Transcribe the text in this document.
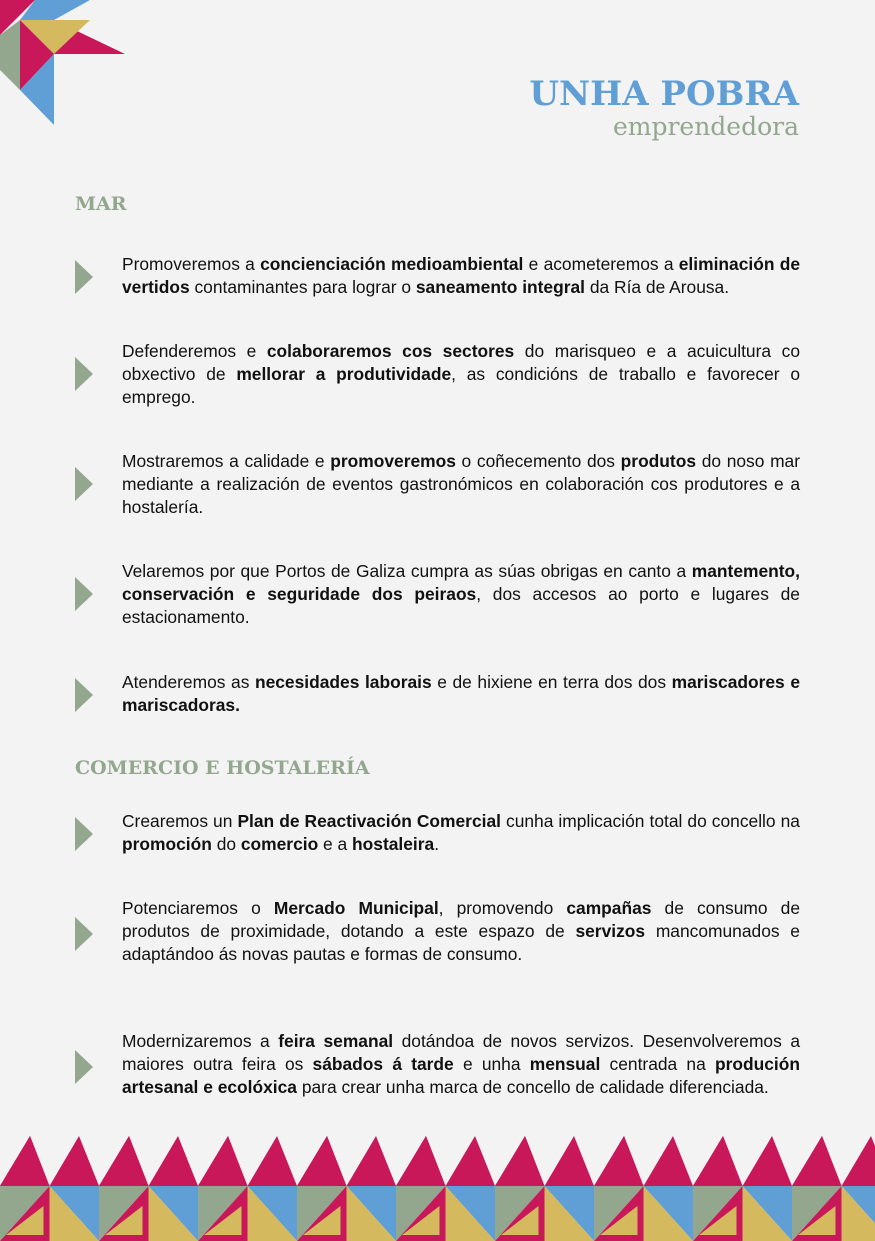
UNHA POBRA
emprendedora
MAR
Promoveremos a concienciación medioambiental e acometeremos a eliminación de vertidos contaminantes para lograr o saneamento integral da Ría de Arousa.
Defenderemos e colaboraremos cos sectores do marisqueo e a acuicultura co obxectivo de mellorar a produtividade, as condicións de traballo e favorecer o emprego.
Mostraremos a calidade e promoveremos o coñecemento dos produtos do noso mar mediante a realización de eventos gastronómicos en colaboración cos produtores e a hostalería.
Velaremos por que Portos de Galiza cumpra as súas obrigas en canto a mantemento, conservación e seguridade dos peiraos, dos accesos ao porto e lugares de estacionamento.
Atenderemos as necesidades laborais e de hixiene en terra dos dos mariscadores e mariscadoras.
COMERCIO E HOSTALERÍA
Crearemos un Plan de Reactivación Comercial cunha implicación total do concello na promoción do comercio e a hostaleira.
Potenciaremos o Mercado Municipal, promovendo campañas de consumo de produtos de proximidade, dotando a este espazo de servizos mancomunados e adaptándoo ás novas pautas e formas de consumo.
Modernizaremos a feira semanal dotándoa de novos servizos. Desenvolveremos a maiores outra feira os sábados á tarde e unha mensual centrada na produción artesanal e ecolóxica para crear unha marca de concello de calidade diferenciada.
